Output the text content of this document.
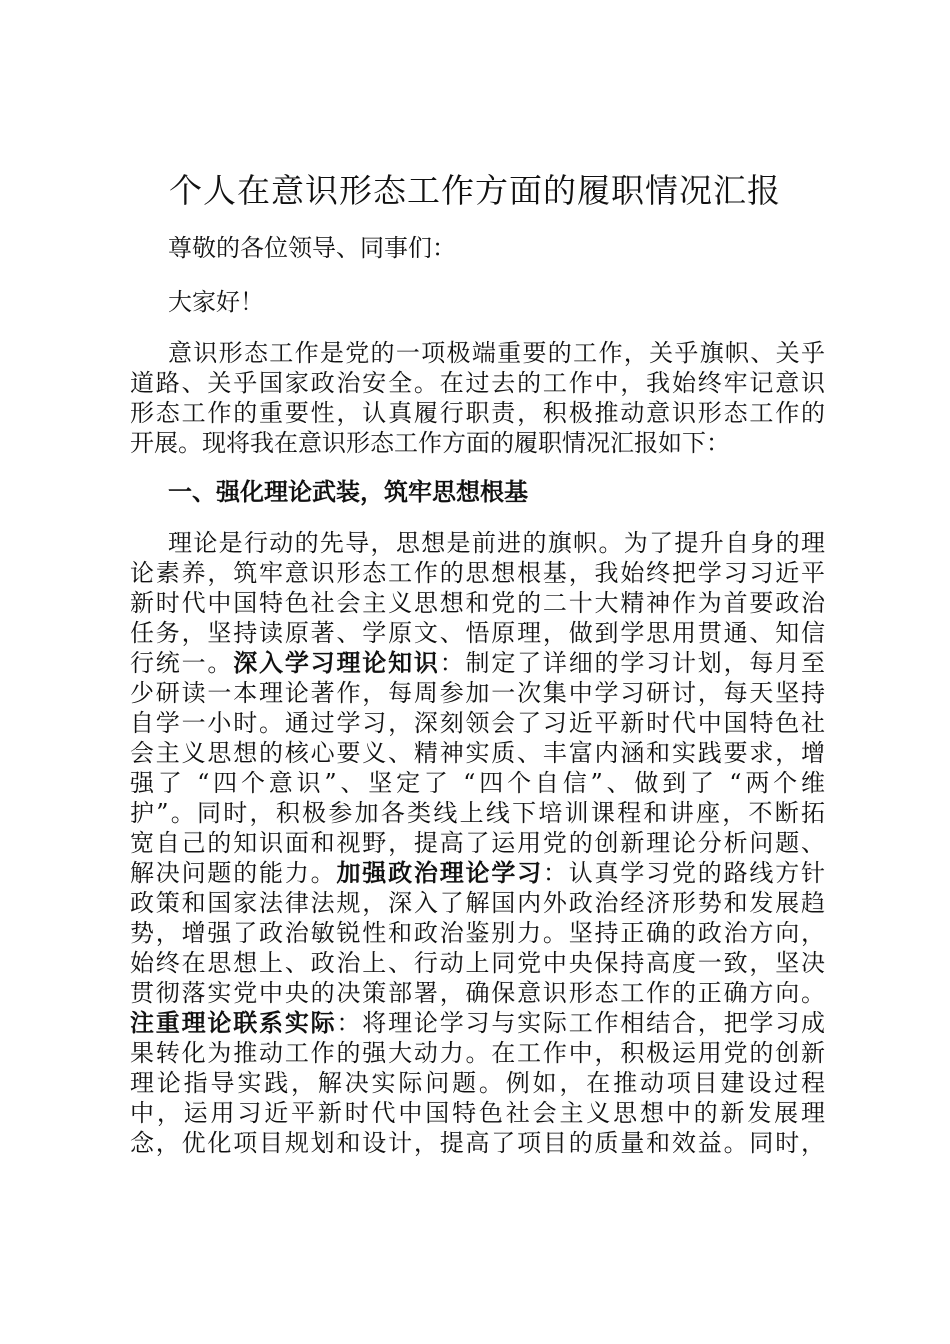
个人在意识形态工作方面的履职情况汇报

尊敬的各位领导、同事们：

大家好！

意识形态工作是党的一项极端重要的工作，关乎旗帜、关乎

道路、关乎国家政治安全。在过去的工作中，我始终牢记意识

形态工作的重要性，认真履行职责，积极推动意识形态工作的

开展。现将我在意识形态工作方面的履职情况汇报如下：

一、强化理论武装，筑牢思想根基

理论是行动的先导，思想是前进的旗帜。为了提升自身的理

论素养，筑牢意识形态工作的思想根基，我始终把学习习近平

新时代中国特色社会主义思想和党的二十大精神作为首要政治

任务，坚持读原著、学原文、悟原理，做到学思用贯通、知信

行统一。深入学习理论知识：制定了详细的学习计划，每月至

少研读一本理论著作，每周参加一次集中学习研讨，每天坚持

自学一小时。通过学习，深刻领会了习近平新时代中国特色社

会主义思想的核心要义、精神实质、丰富内涵和实践要求，增

强了 “四个意识”、坚定了 “四个自信”、做到了 “两个维

护”。同时，积极参加各类线上线下培训课程和讲座，不断拓

宽自己的知识面和视野，提高了运用党的创新理论分析问题、

解决问题的能力。加强政治理论学习：认真学习党的路线方针

政策和国家法律法规，深入了解国内外政治经济形势和发展趋

势，增强了政治敏锐性和政治鉴别力。坚持正确的政治方向，

始终在思想上、政治上、行动上同党中央保持高度一致，坚决

贯彻落实党中央的决策部署，确保意识形态工作的正确方向。

注重理论联系实际：将理论学习与实际工作相结合，把学习成

果转化为推动工作的强大动力。在工作中，积极运用党的创新

理论指导实践，解决实际问题。例如，在推动项目建设过程

中，运用习近平新时代中国特色社会主义思想中的新发展理

念，优化项目规划和设计，提高了项目的质量和效益。同时，
